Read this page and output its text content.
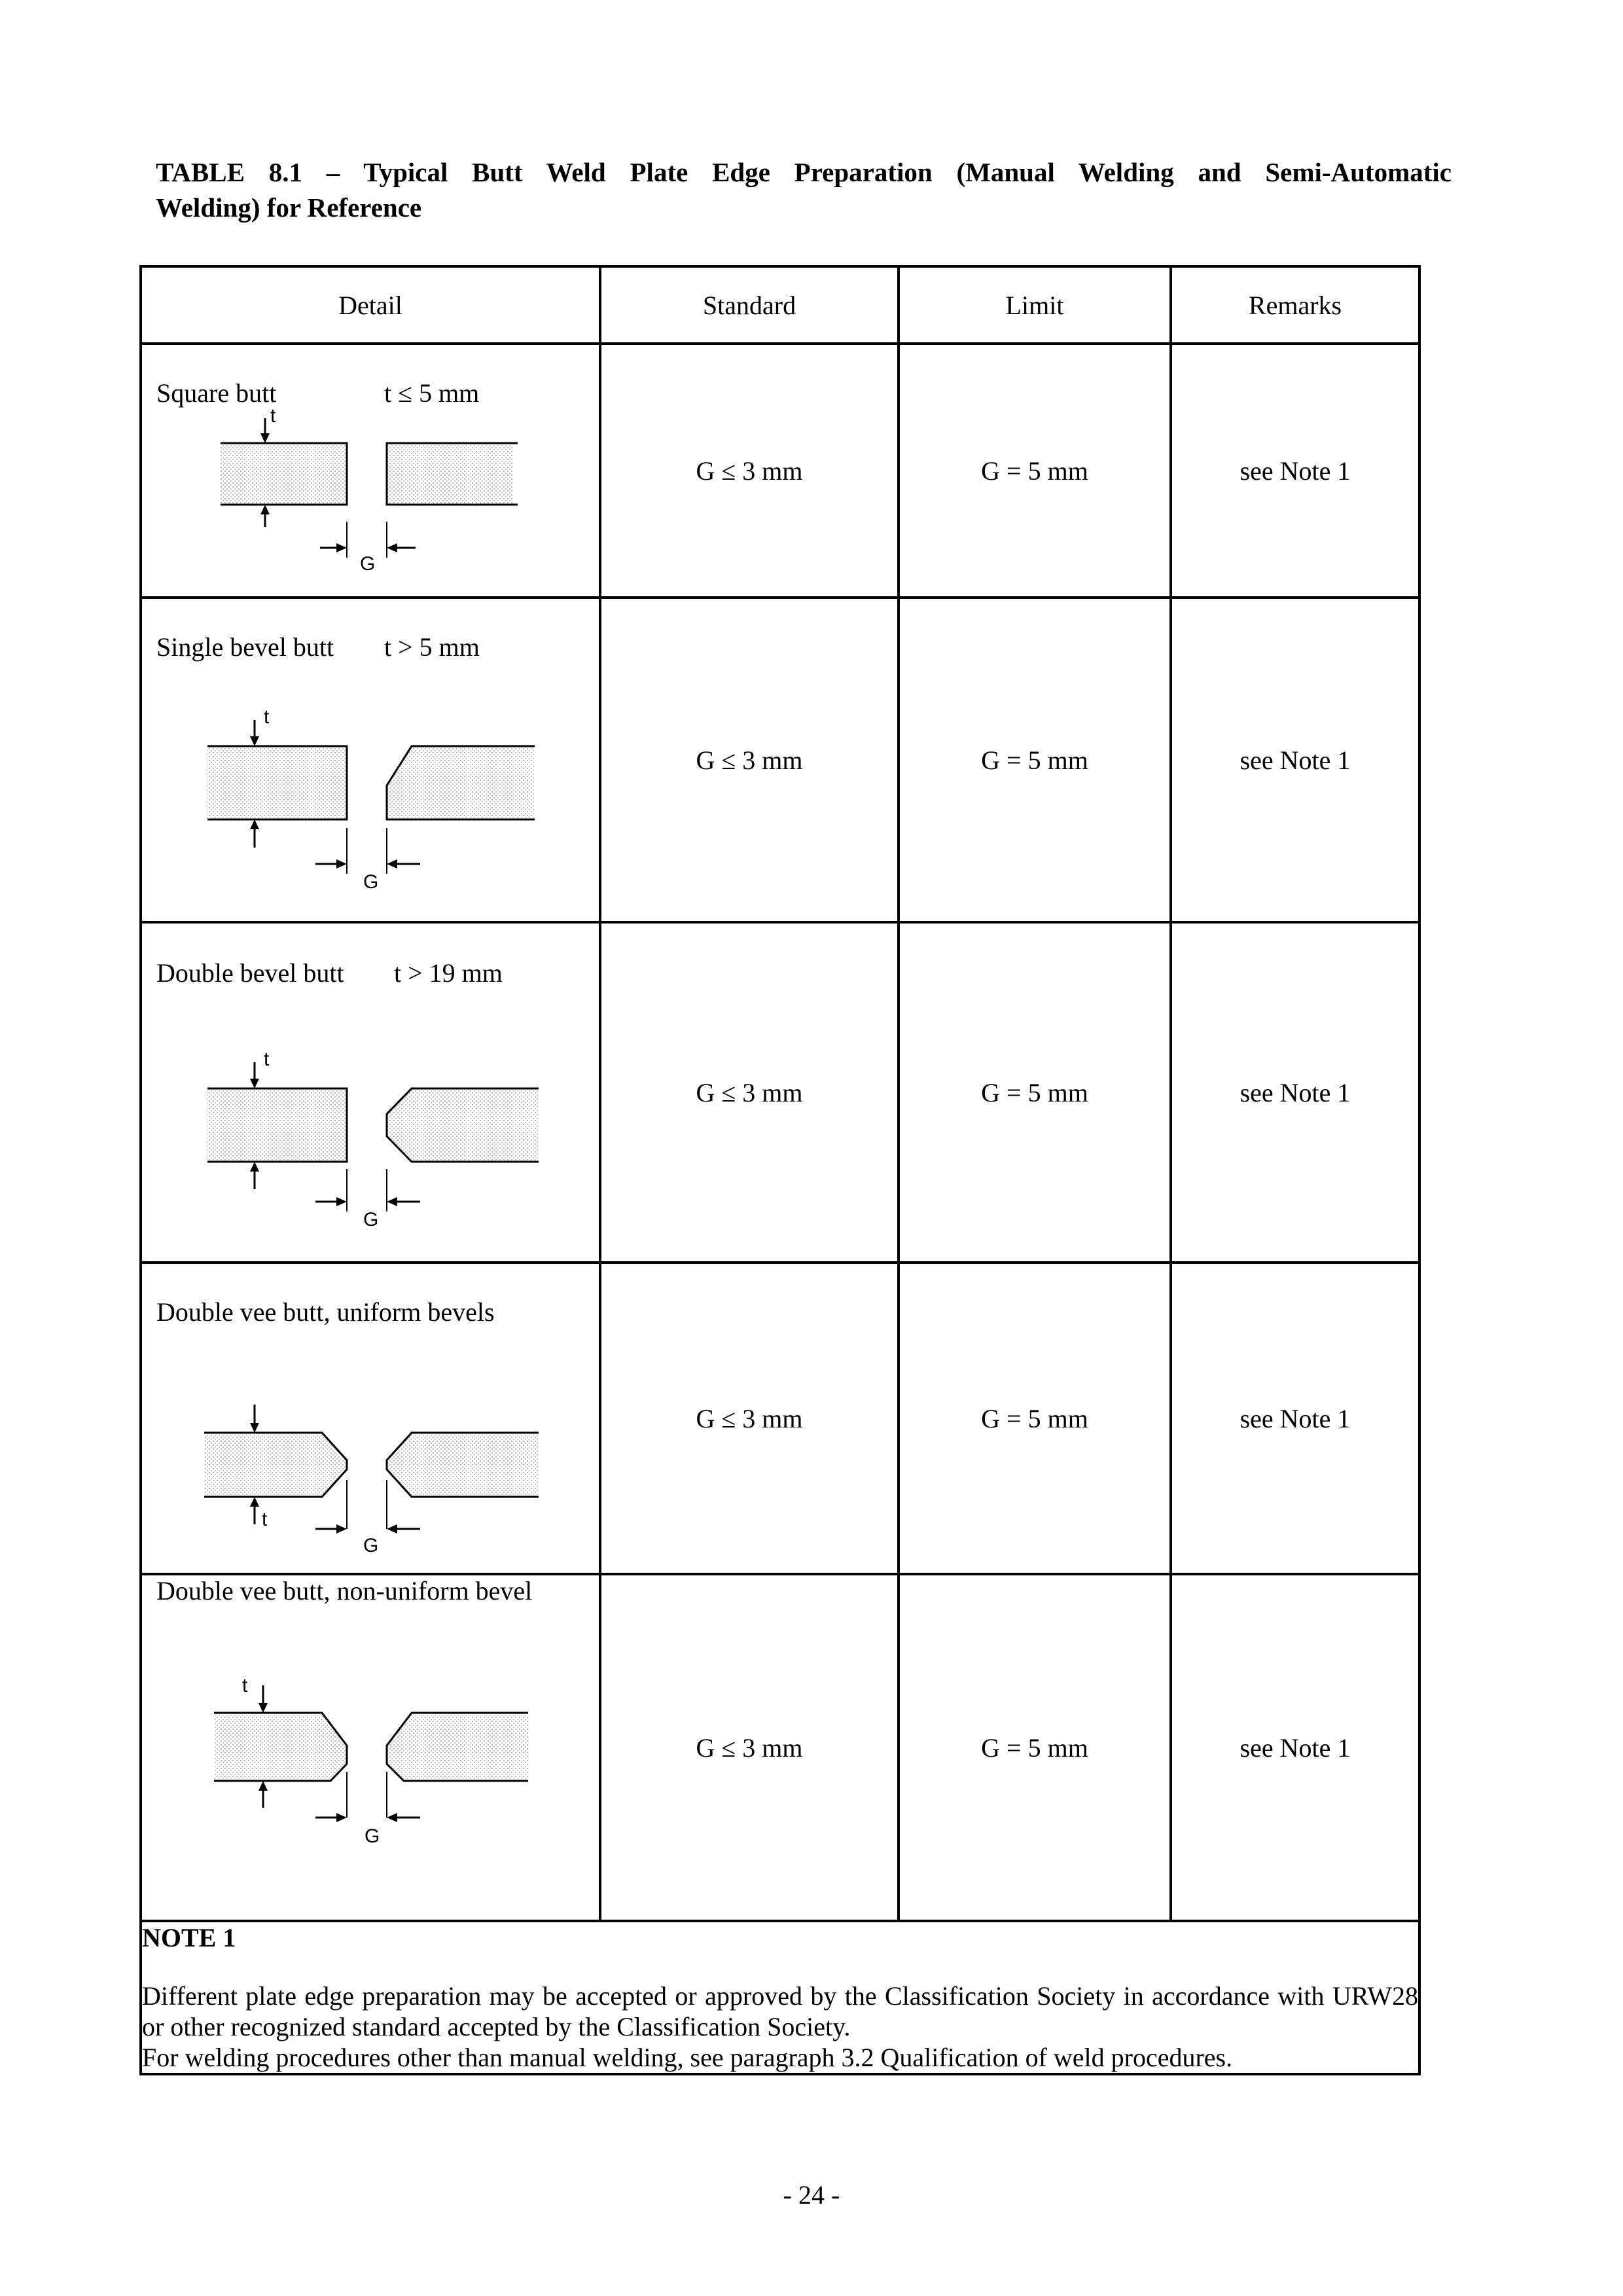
TABLE 8.1 – Typical Butt Weld Plate Edge Preparation (Manual Welding and Semi-Automatic
Welding) for Reference
Detail	Standard	Limit	Remarks

Square butt t ≤ 5 mm
t
G	G ≤ 3 mm	G = 5 mm	see Note 1

Single bevel butt t > 5 mm
t
G	G ≤ 3 mm	G = 5 mm	see Note 1

Double bevel butt t > 19 mm
t
G	G ≤ 3 mm	G = 5 mm	see Note 1

Double vee butt, uniform bevels
t
G	G ≤ 3 mm	G = 5 mm	see Note 1

Double vee butt, non-uniform bevel
t
G	G ≤ 3 mm	G = 5 mm	see Note 1

NOTE 1

Different plate edge preparation may be accepted or approved by the Classification Society in accordance with URW28 or other recognized standard accepted by the Classification Society.

For welding procedures other than manual welding, see paragraph 3.2 Qualification of weld procedures.			

- 24 -
